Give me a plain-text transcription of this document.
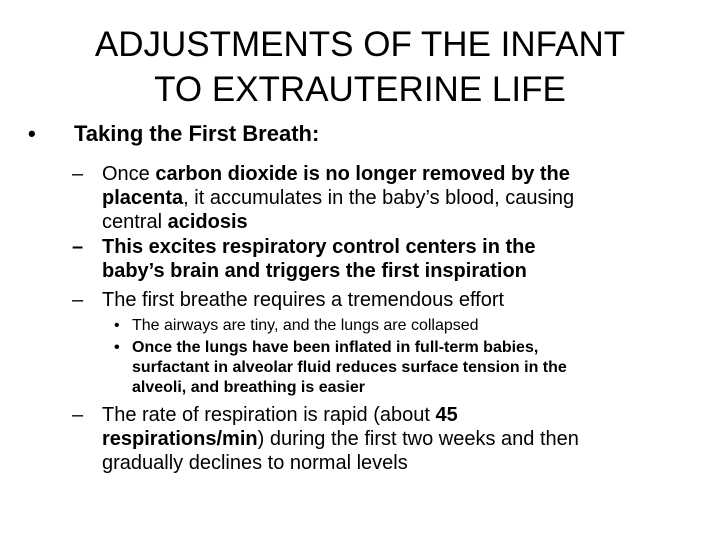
ADJUSTMENTS OF THE INFANT
TO EXTRAUTERINE LIFE
• Taking the First Breath:
– Once carbon dioxide is no longer removed by the
placenta, it accumulates in the baby’s blood, causing
central acidosis
– This excites respiratory control centers in the
baby’s brain and triggers the first inspiration
– The first breathe requires a tremendous effort
• The airways are tiny, and the lungs are collapsed
• Once the lungs have been inflated in full-term babies,
surfactant in alveolar fluid reduces surface tension in the
alveoli, and breathing is easier
– The rate of respiration is rapid (about 45
respirations/min) during the first two weeks and then
gradually declines to normal levels
